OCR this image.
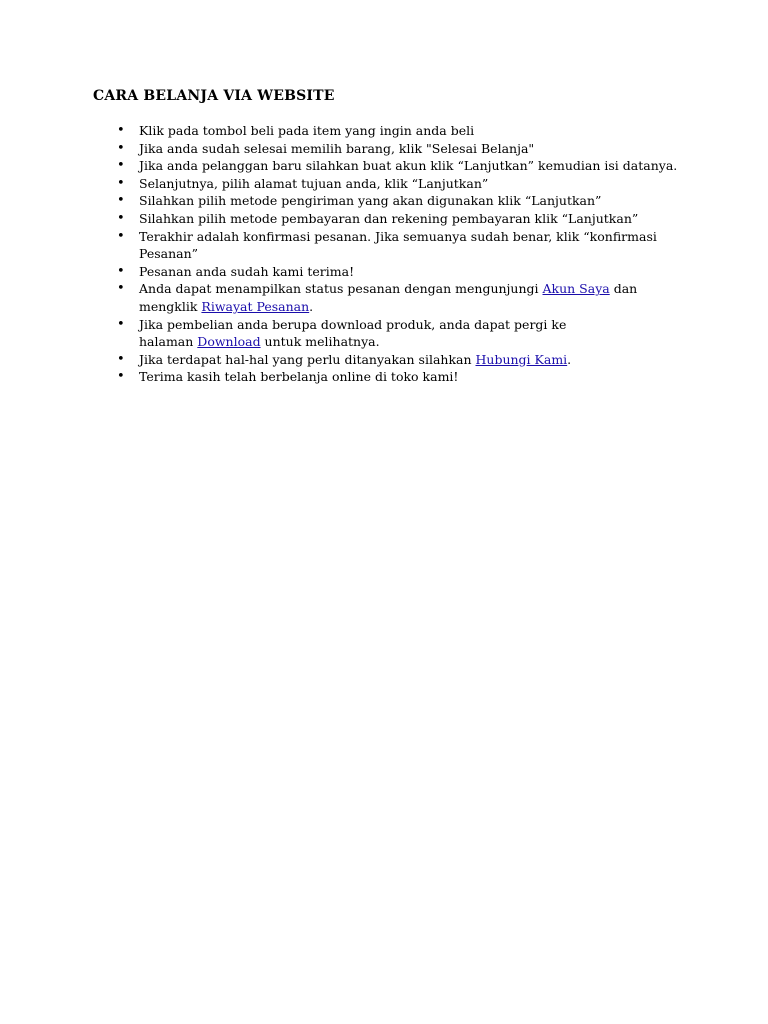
CARA BELANJA VIA WEBSITE
• Klik pada tombol beli pada item yang ingin anda beli
• Jika anda sudah selesai memilih barang, klik "Selesai Belanja"
• Jika anda pelanggan baru silahkan buat akun klik “Lanjutkan” kemudian isi datanya.
• Selanjutnya, pilih alamat tujuan anda, klik “Lanjutkan”
• Silahkan pilih metode pengiriman yang akan digunakan klik “Lanjutkan”
• Silahkan pilih metode pembayaran dan rekening pembayaran klik “Lanjutkan”
• Terakhir adalah konfirmasi pesanan. Jika semuanya sudah benar, klik “konfirmasi
Pesanan”
• Pesanan anda sudah kami terima!
• Anda dapat menampilkan status pesanan dengan mengunjungi Akun Saya dan
mengklik Riwayat Pesanan.
• Jika pembelian anda berupa download produk, anda dapat pergi ke
halaman Download untuk melihatnya.
• Jika terdapat hal-hal yang perlu ditanyakan silahkan Hubungi Kami.
• Terima kasih telah berbelanja online di toko kami!
